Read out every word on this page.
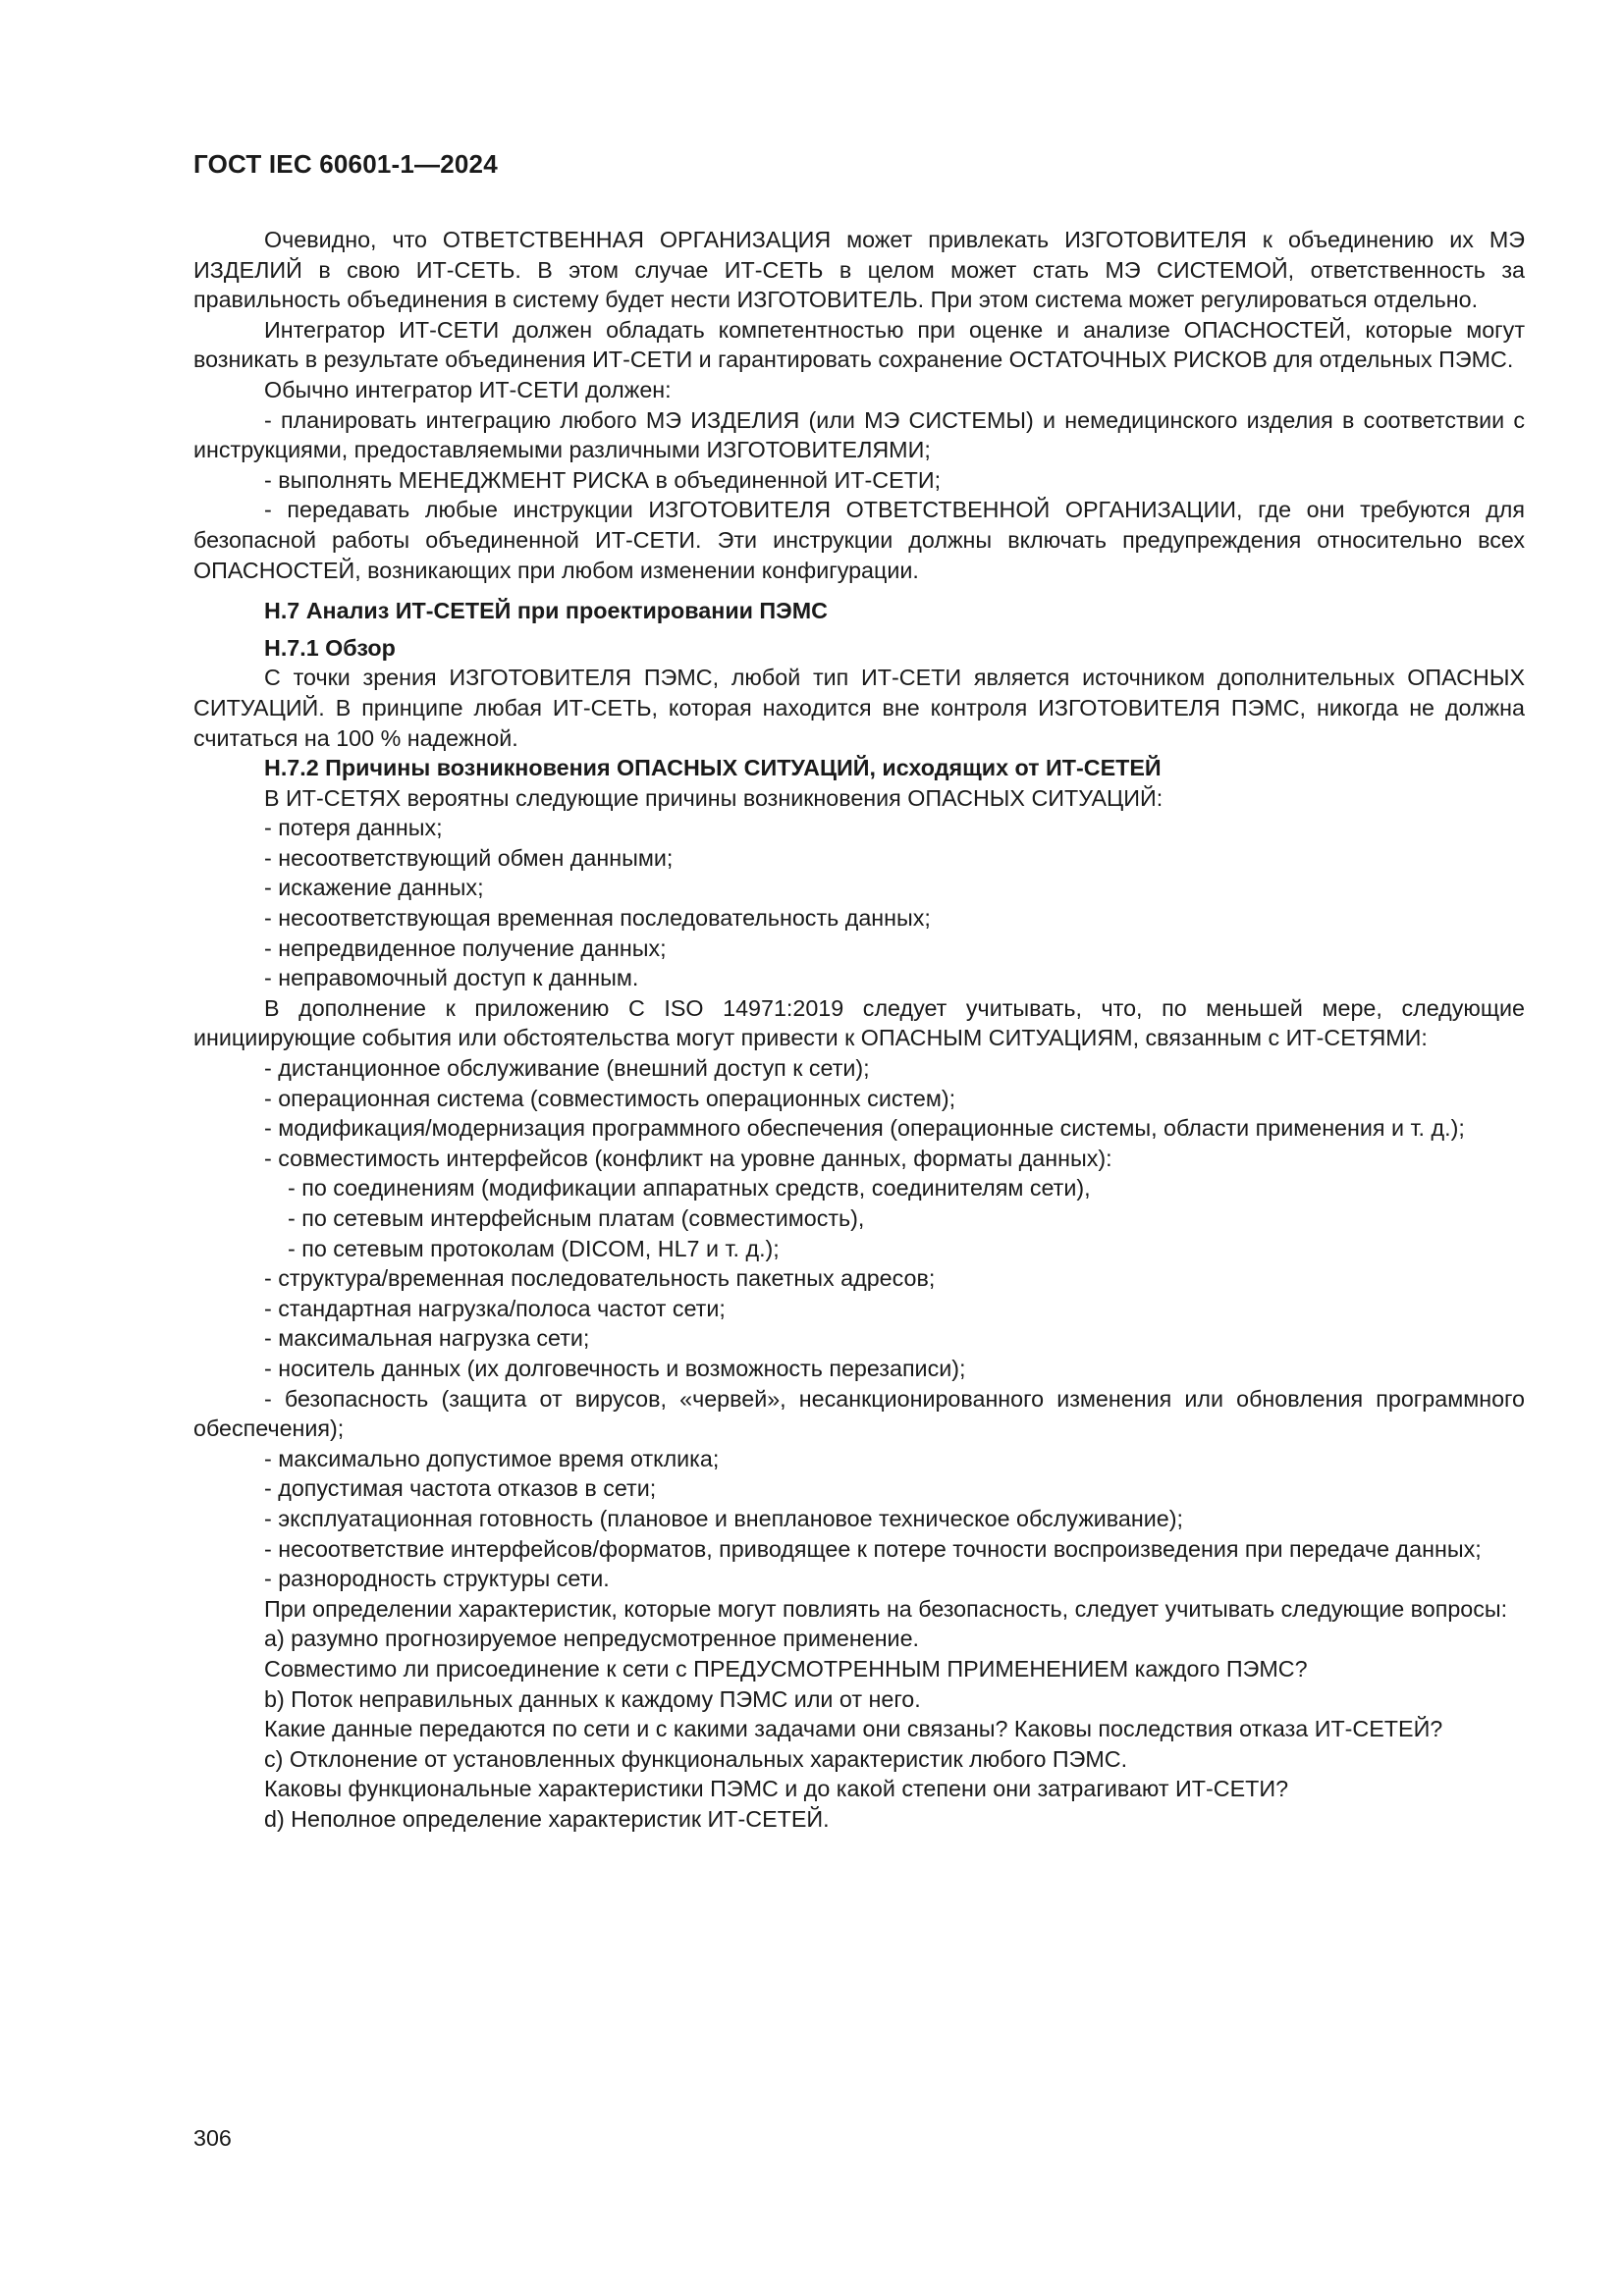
ГОСТ IEC 60601-1—2024

Очевидно, что ОТВЕТСТВЕННАЯ ОРГАНИЗАЦИЯ может привлекать ИЗГОТОВИТЕЛЯ к объединению их МЭ ИЗДЕЛИЙ в свою ИТ-СЕТЬ. В этом случае ИТ-СЕТЬ в целом может стать МЭ СИСТЕМОЙ, ответственность за правильность объединения в систему будет нести ИЗГОТОВИТЕЛЬ. При этом система может регулироваться отдельно.

Интегратор ИТ-СЕТИ должен обладать компетентностью при оценке и анализе ОПАСНОСТЕЙ, которые могут возникать в результате объединения ИТ-СЕТИ и гарантировать сохранение ОСТАТОЧНЫХ РИСКОВ для отдельных ПЭМС.

Обычно интегратор ИТ-СЕТИ должен:

- планировать интеграцию любого МЭ ИЗДЕЛИЯ (или МЭ СИСТЕМЫ) и немедицинского изделия в соответствии с инструкциями, предоставляемыми различными ИЗГОТОВИТЕЛЯМИ;

- выполнять МЕНЕДЖМЕНТ РИСКА в объединенной ИТ-СЕТИ;

- передавать любые инструкции ИЗГОТОВИТЕЛЯ ОТВЕТСТВЕННОЙ ОРГАНИЗАЦИИ, где они требуются для безопасной работы объединенной ИТ-СЕТИ. Эти инструкции должны включать предупреждения относительно всех ОПАСНОСТЕЙ, возникающих при любом изменении конфигурации.

Н.7 Анализ ИТ-СЕТЕЙ при проектировании ПЭМС

Н.7.1 Обзор

С точки зрения ИЗГОТОВИТЕЛЯ ПЭМС, любой тип ИТ-СЕТИ является источником дополнительных ОПАСНЫХ СИТУАЦИЙ. В принципе любая ИТ-СЕТЬ, которая находится вне контроля ИЗГОТОВИТЕЛЯ ПЭМС, никогда не должна считаться на 100 % надежной.

Н.7.2 Причины возникновения ОПАСНЫХ СИТУАЦИЙ, исходящих от ИТ-СЕТЕЙ

В ИТ-СЕТЯХ вероятны следующие причины возникновения ОПАСНЫХ СИТУАЦИЙ:

- потеря данных;

- несоответствующий обмен данными;

- искажение данных;

- несоответствующая временная последовательность данных;

- непредвиденное получение данных;

- неправомочный доступ к данным.

В дополнение к приложению С ISO 14971:2019 следует учитывать, что, по меньшей мере, следующие инициирующие события или обстоятельства могут привести к ОПАСНЫМ СИТУАЦИЯМ, связанным с ИТ-СЕТЯМИ:

- дистанционное обслуживание (внешний доступ к сети);

- операционная система (совместимость операционных систем);

- модификация/модернизация программного обеспечения (операционные системы, области применения и т. д.);

- совместимость интерфейсов (конфликт на уровне данных, форматы данных):

- по соединениям (модификации аппаратных средств, соединителям сети),

- по сетевым интерфейсным платам (совместимость),

- по сетевым протоколам (DICOM, HL7 и т. д.);

- структура/временная последовательность пакетных адресов;

- стандартная нагрузка/полоса частот сети;

- максимальная нагрузка сети;

- носитель данных (их долговечность и возможность перезаписи);

- безопасность (защита от вирусов, «червей», несанкционированного изменения или обновления программного обеспечения);

- максимально допустимое время отклика;

- допустимая частота отказов в сети;

- эксплуатационная готовность (плановое и внеплановое техническое обслуживание);

- несоответствие интерфейсов/форматов, приводящее к потере точности воспроизведения при передаче данных;

- разнородность структуры сети.

При определении характеристик, которые могут повлиять на безопасность, следует учитывать следующие вопросы:

а) разумно прогнозируемое непредусмотренное применение.

Совместимо ли присоединение к сети с ПРЕДУСМОТРЕННЫМ ПРИМЕНЕНИЕМ каждого ПЭМС?

b) Поток неправильных данных к каждому ПЭМС или от него.

Какие данные передаются по сети и с какими задачами они связаны? Каковы последствия отказа ИТ-СЕТЕЙ?

с) Отклонение от установленных функциональных характеристик любого ПЭМС.

Каковы функциональные характеристики ПЭМС и до какой степени они затрагивают ИТ-СЕТИ?

d) Неполное определение характеристик ИТ-СЕТЕЙ.

306
